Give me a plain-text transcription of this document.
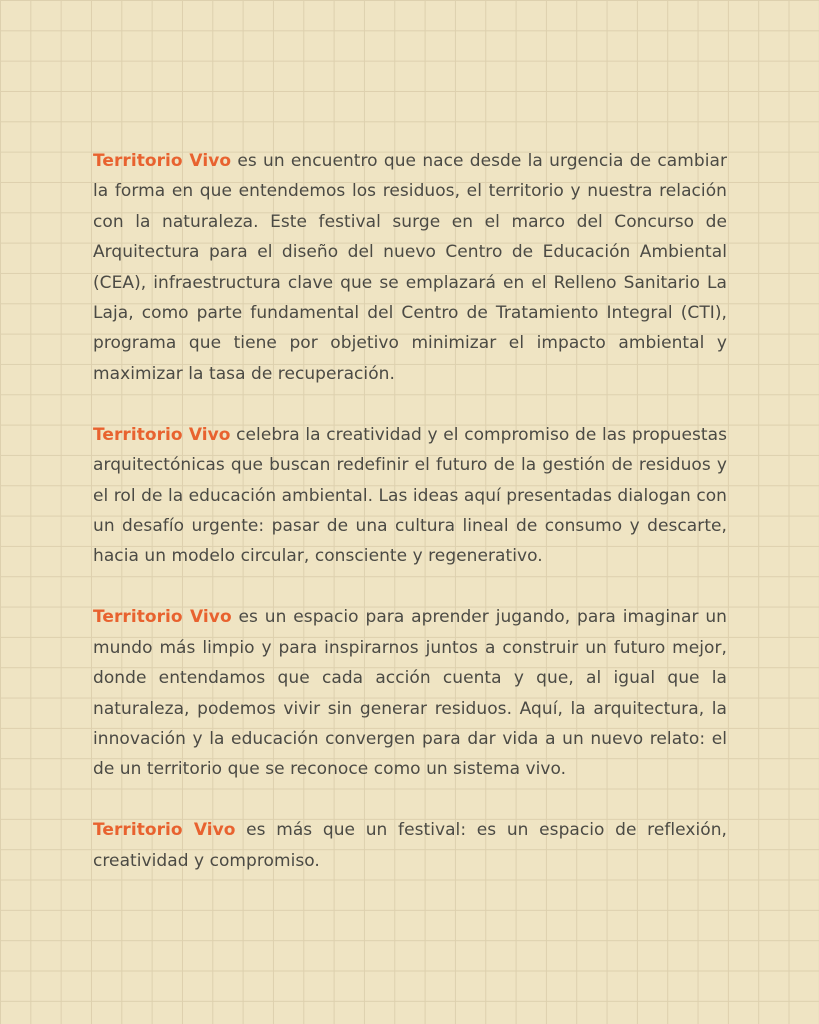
Territorio Vivo es un encuentro que nace desde la urgencia de cambiar la forma en que entendemos los residuos, el territorio y nuestra relación con la naturaleza. Este festival surge en el marco del Concurso de Arquitectura para el diseño del nuevo Centro de Educación Ambiental (CEA), infraestructura clave que se emplazará en el Relleno Sanitario La Laja, como parte fundamental del Centro de Tratamiento Integral (CTI), programa que tiene por objetivo minimizar el impacto ambiental y maximizar la tasa de recuperación.

Territorio Vivo celebra la creatividad y el compromiso de las propuestas arquitectónicas que buscan redefinir el futuro de la gestión de residuos y el rol de la educación ambiental. Las ideas aquí presentadas dialogan con un desafío urgente: pasar de una cultura lineal de consumo y descarte, hacia un modelo circular, consciente y regenerativo.

Territorio Vivo es un espacio para aprender jugando, para imaginar un mundo más limpio y para inspirarnos juntos a construir un futuro mejor, donde entendamos que cada acción cuenta y que, al igual que la naturaleza, podemos vivir sin generar residuos. Aquí, la arquitectura, la innovación y la educación convergen para dar vida a un nuevo relato: el de un territorio que se reconoce como un sistema vivo.

Territorio Vivo es más que un festival: es un espacio de reflexión, creatividad y compromiso.
